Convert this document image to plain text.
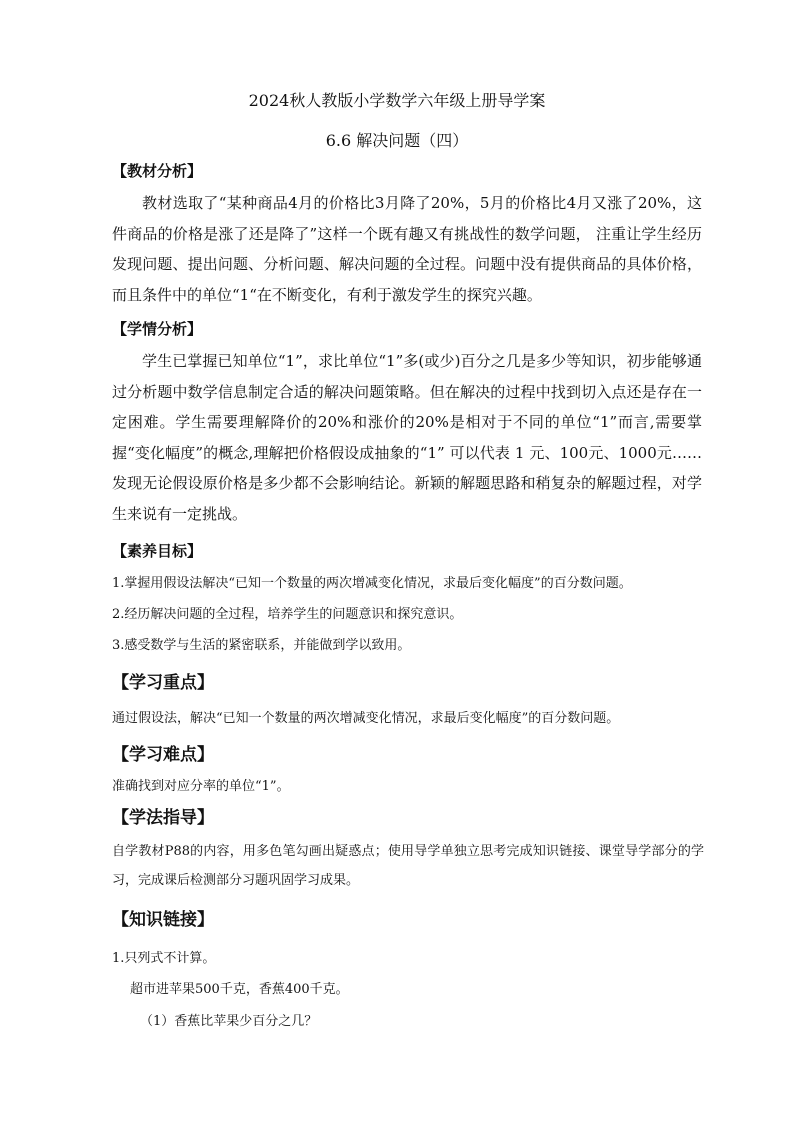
2024秋人教版小学数学六年级上册导学案
6.6 解决问题（四）
【教材分析】
教材选取了“某种商品4月的价格比3月降了20%，5月的价格比4月又涨了20%，这件商品的价格是涨了还是降了”这样一个既有趣又有挑战性的数学问题， 注重让学生经历发现问题、提出问题、分析问题、解决问题的全过程。问题中没有提供商品的具体价格，而且条件中的单位“1“在不断变化，有利于激发学生的探究兴趣。
【学情分析】
学生已掌握已知单位“1”，求比单位“1”多(或少)百分之几是多少等知识，初步能够通过分析题中数学信息制定合适的解决问题策略。但在解决的过程中找到切入点还是存在一定困难。学生需要理解降价的20%和涨价的20%是相对于不同的单位“1”而言,需要掌握“变化幅度”的概念,理解把价格假设成抽象的“1” 可以代表 1 元、100元、1000元……发现无论假设原价格是多少都不会影响结论。新颖的解题思路和稍复杂的解题过程，对学生来说有一定挑战。
【素养目标】
1.掌握用假设法解决“已知一个数量的两次增减变化情况，求最后变化幅度”的百分数问题。
2.经历解决问题的全过程，培养学生的问题意识和探究意识。
3.感受数学与生活的紧密联系，并能做到学以致用。
【学习重点】
通过假设法，解决“已知一个数量的两次增减变化情况，求最后变化幅度”的百分数问题。
【学习难点】
准确找到对应分率的单位“1”。
【学法指导】
自学教材P88的内容，用多色笔勾画出疑惑点；使用导学单独立思考完成知识链接、课堂导学部分的学习，完成课后检测部分习题巩固学习成果。
【知识链接】
1.只列式不计算。
超市进苹果500千克，香蕉400千克。
（1）香蕉比苹果少百分之几？
